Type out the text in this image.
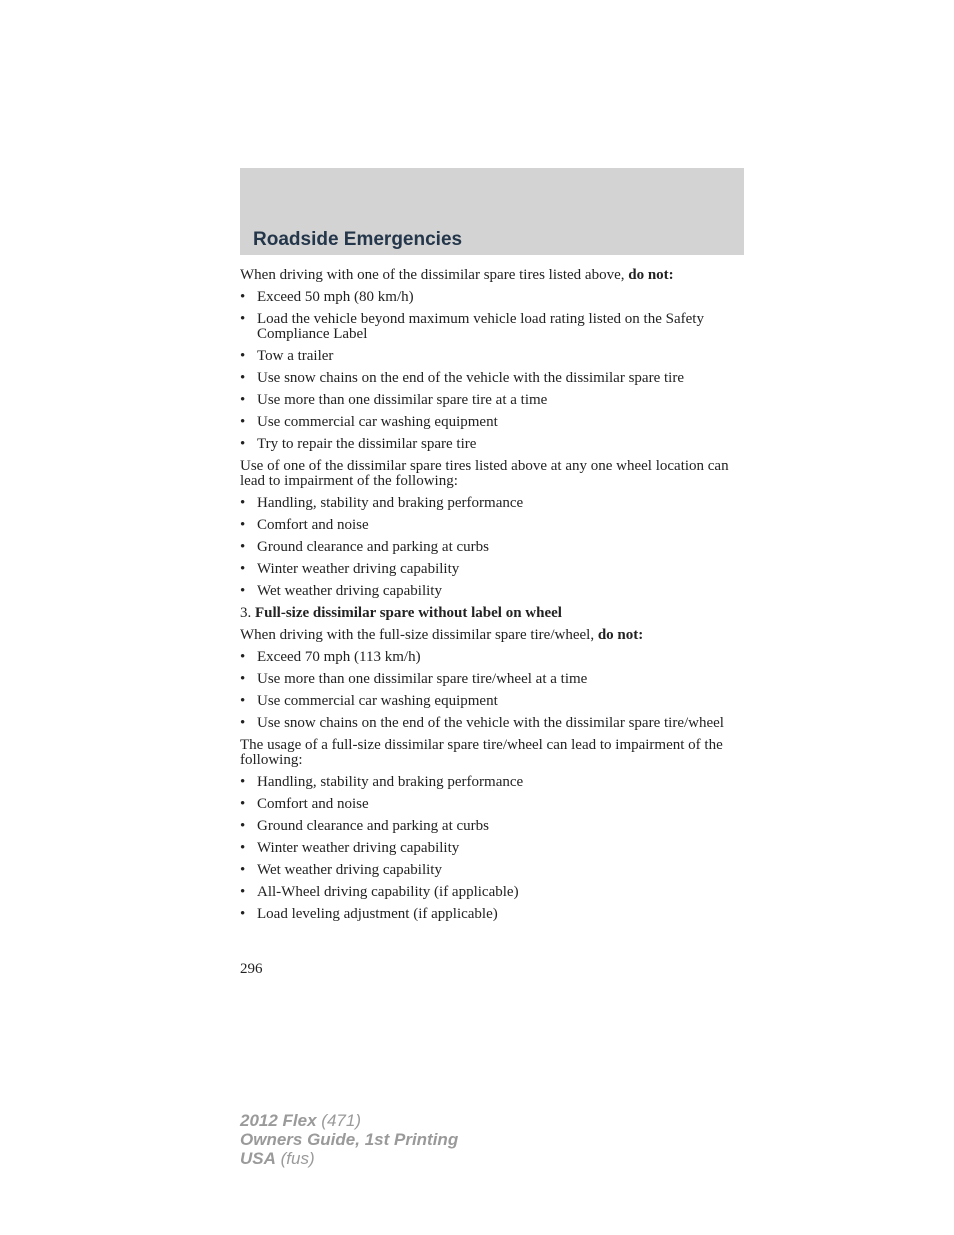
Roadside Emergencies

When driving with one of the dissimilar spare tires listed above, do not:

• Exceed 50 mph (80 km/h)

• Load the vehicle beyond maximum vehicle load rating listed on the Safety Compliance Label

• Tow a trailer

• Use snow chains on the end of the vehicle with the dissimilar spare tire

• Use more than one dissimilar spare tire at a time

• Use commercial car washing equipment

• Try to repair the dissimilar spare tire

Use of one of the dissimilar spare tires listed above at any one wheel location can lead to impairment of the following:

• Handling, stability and braking performance

• Comfort and noise

• Ground clearance and parking at curbs

• Winter weather driving capability

• Wet weather driving capability

3. Full-size dissimilar spare without label on wheel

When driving with the full-size dissimilar spare tire/wheel, do not:

• Exceed 70 mph (113 km/h)

• Use more than one dissimilar spare tire/wheel at a time

• Use commercial car washing equipment

• Use snow chains on the end of the vehicle with the dissimilar spare tire/wheel

The usage of a full-size dissimilar spare tire/wheel can lead to impairment of the following:

• Handling, stability and braking performance

• Comfort and noise

• Ground clearance and parking at curbs

• Winter weather driving capability

• Wet weather driving capability

• All-Wheel driving capability (if applicable)

• Load leveling adjustment (if applicable)

296
2012 Flex (471)
Owners Guide, 1st Printing
USA (fus)
